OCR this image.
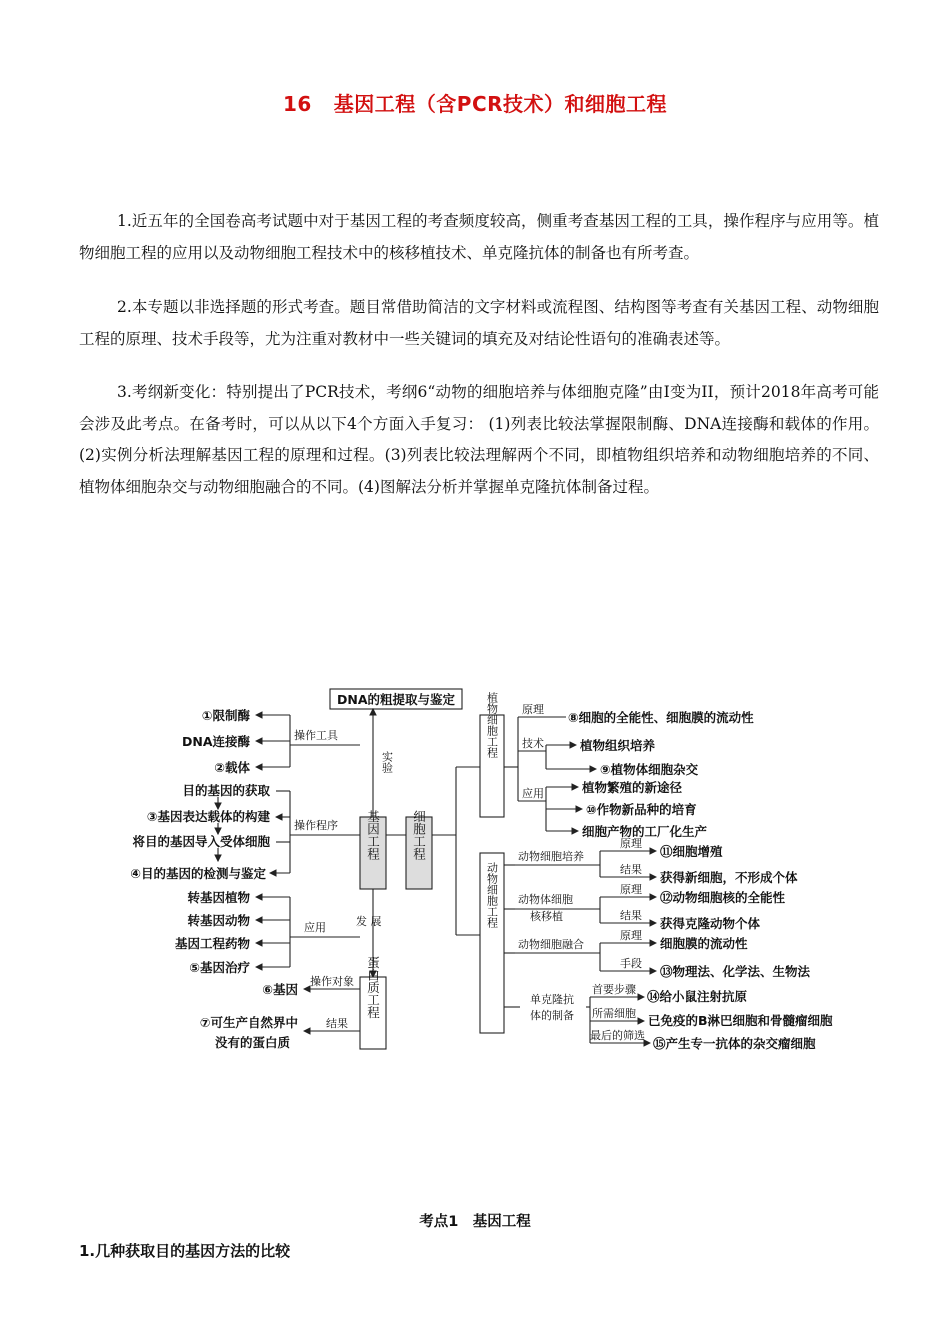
16 基因工程（含PCR技术）和细胞工程

1.近五年的全国卷高考试题中对于基因工程的考查频度较高，侧重考查基因工程的工具，操作程序与应用等。植物细胞工程的应用以及动物细胞工程技术中的核移植技术、单克隆抗体的制备也有所考查。

2.本专题以非选择题的形式考查。题目常借助简洁的文字材料或流程图、结构图等考查有关基因工程、动物细胞工程的原理、技术手段等，尤为注重对教材中一些关键词的填充及对结论性语句的准确表述等。

3.考纲新变化：特别提出了PCR技术，考纲6“动物的细胞培养与体细胞克隆”由I变为II，预计2018年高考可能会涉及此考点。在备考时，可以从以下4个方面入手复习： (1)列表比较法掌握限制酶、DNA连接酶和载体的作用。(2)实例分析法理解基因工程的原理和过程。(3)列表比较法理解两个不同，即植物组织培养和动物细胞培养的不同、植物体细胞杂交与动物细胞融合的不同。(4)图解法分析并掌握单克隆抗体制备过程。

DNA的粗提取与鉴定
实验
基因工程 细胞工程
发 展
蛋白质工程
操作工具
①限制酶
DNA连接酶
②载体
操作程序
目的基因的获取
③基因表达载体的构建
将目的基因导入受体细胞
④目的基因的检测与鉴定
应用
转基因植物
转基因动物
基因工程药物
⑤基因治疗
操作对象
⑥基因
结果
⑦可生产自然界中
没有的蛋白质
植物细胞工程 原理
⑧细胞的全能性、细胞膜的流动性
技术	植物组织培养
⑨植物体细胞杂交
应用	植物繁殖的新途径
⑩作物新品种的培育
细胞产物的工厂化生产
动物细胞工程
动物细胞培养
原理
结果
⑪细胞增殖
获得新细胞，不形成个体
动物体细胞
核移植
原理
结果
⑫动物细胞核的全能性
获得克隆动物个体
动物细胞融合
原理
手段
细胞膜的流动性
⑬物理法、化学法、生物法
单克隆抗
体的制备
首要步骤
所需细胞
最后的筛选
⑭给小鼠注射抗原
已免疫的B淋巴细胞和骨髓瘤细胞
⑮产生专一抗体的杂交瘤细胞
考点1　基因工程
1.几种获取目的基因方法的比较
